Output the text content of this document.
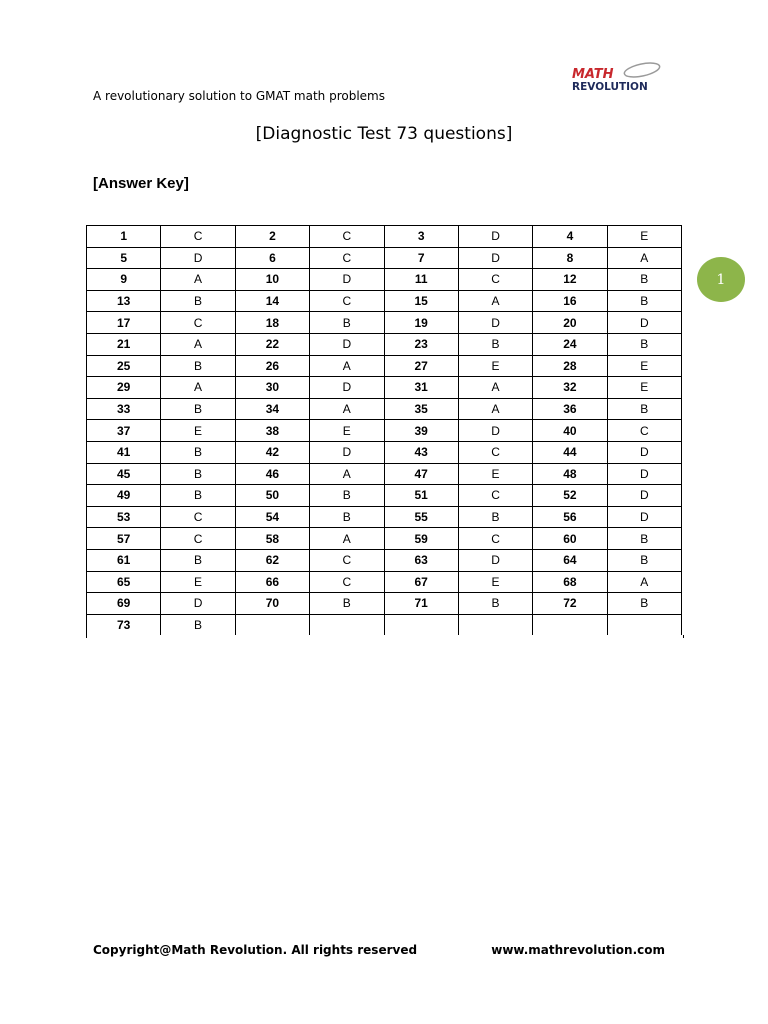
A revolutionary solution to GMAT math problems
MATH
REVOLUTION
[Diagnostic Test 73 questions]
[Answer Key]
1	C	2	C	3	D	4	E
5	D	6	C	7	D	8	A
9	A	10	D	11	C	12	B
13	B	14	C	15	A	16	B
17	C	18	B	19	D	20	D
21	A	22	D	23	B	24	B
25	B	26	A	27	E	28	E
29	A	30	D	31	A	32	E
33	B	34	A	35	A	36	B
37	E	38	E	39	D	40	C
41	B	42	D	43	C	44	D
45	B	46	A	47	E	48	D
49	B	50	B	51	C	52	D
53	C	54	B	55	B	56	D
57	C	58	A	59	C	60	B
61	B	62	C	63	D	64	B
65	E	66	C	67	E	68	A
69	D	70	B	71	B	72	B
73	B						
1
Copyright@Math Revolution. All rights reserved	www.mathrevolution.com
